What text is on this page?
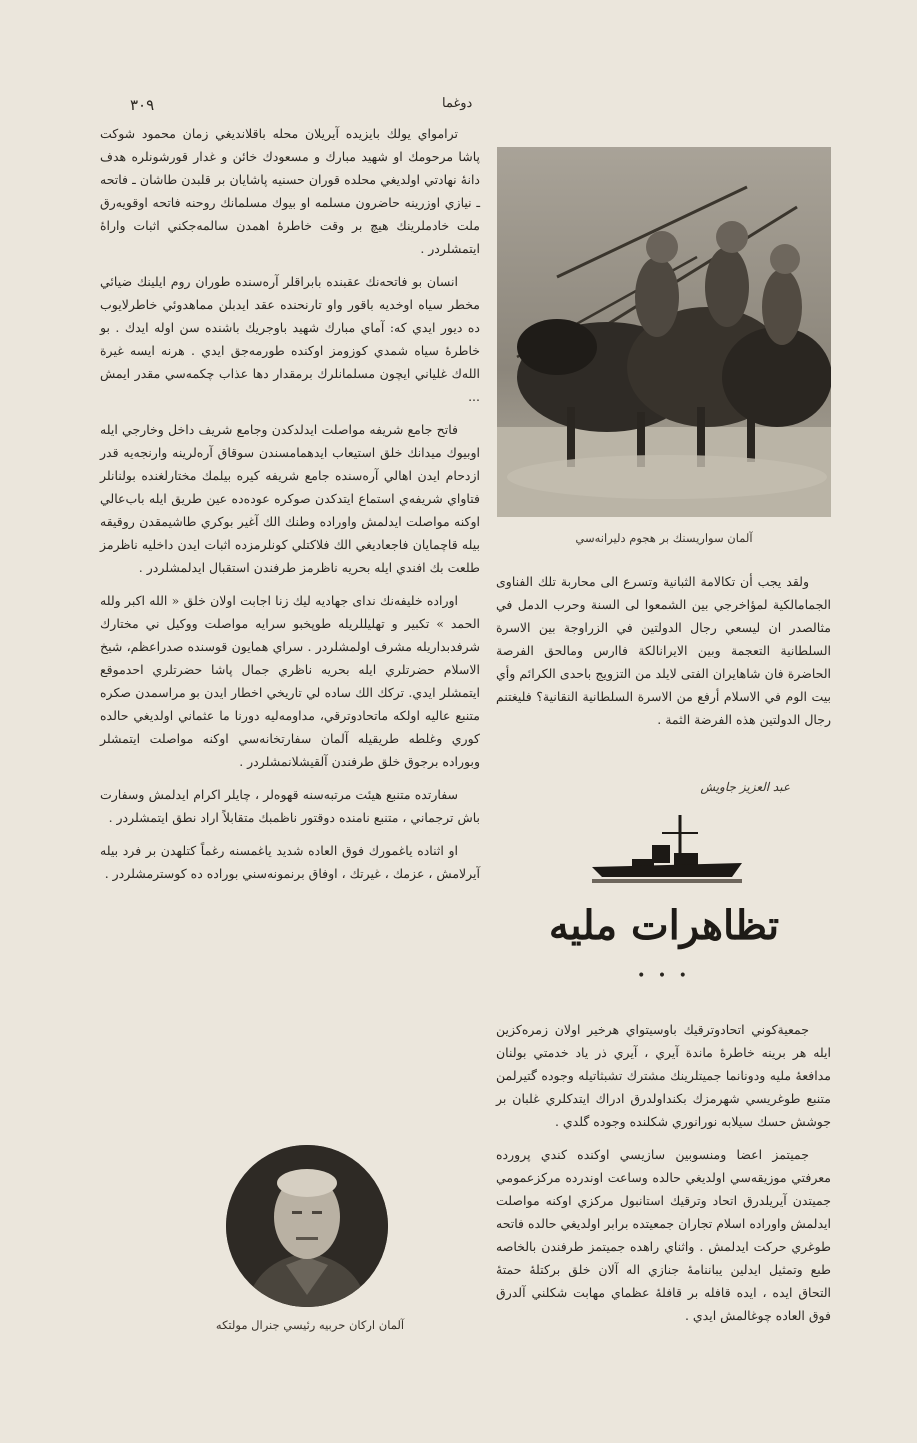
٣٠٩	دوغما

ترامواي يولك بايزيده آيريلان محله باقلانديغي زمان محمود شوكت پاشا مرحومك او شهيد مبارك و مسعودك خائن و غدار قورشونلره هدف دانۀ نهادتي اولديغي محلده قوران حسنيه پاشايان بر قلبدن طاشان ـ فاتحه ـ نيازي اوزرينه حاضرون مسلمه او بيوك مسلمانك روحنه فاتحه اوقويه‌رق ملت خادملرينك هيچ بر وقت خاطرۀ اهمدن سالمه‌جكني اثبات واراهٔ ايتمشلردر .

انسان بو فاتحه‌نك عقبنده بابراقلر آره‌سنده طوران روم ايلينك ضيائي مخطر سياه اوخديه باقور واو تارنحنده عقد ايدبلن مماهدوئي خاطرلايوب ده ديور ايدي كه: آماي مبارك شهيد باوجريك باشنده سن اوله ايدك . بو خاطرۀ سياه شمدي كوزومز اوكنده طورمه‌جق ايدي . هرنه ايسه غيرة الله‌ك غلياني ايچون مسلمانلرك برمقدار دها عذاب چكمه‌سي مقدر ايمش ...

فاتح جامع شريفه مواصلت ايدلدكدن وجامع شريف داخل وخارجي ايله اوبيوك ميدانك خلق استيعاب ايدهمامسندن سوقاق آره‌لرينه وارنجه‌يه قدر ازدحام ايدن اهالي آره‌سنده جامع شريفه كيره بيلمك مختارلغنده بولنانلر فتاواي شريفه‌ي استماع ايتدكدن صوكره عوده‌ده عين طريق ايله باب‌عالي اوكنه مواصلت ايدلمش واوراده وطنك الك آغير بوكري طاشيمقدن روقيقه بيله قاچمايان فاجعاديغي الك فلاكتلي كونلرمزده اثبات ايدن داخليه ناظرمز طلعت بك افندي ايله بحريه ناظرمز طرفندن استقبال ايدلمشلردر .

اوراده خليفه‌نك ندای جهاديه ليك زنا اجابت اولان خلق « الله اكبر ولله الحمد » تكبير و تهليللريله طوپخبو سرايه مواصلت ووكيل ني مختارك شرفدبداريله مشرف اولمشلردر . سراي همايون قوسنده صدراعظم، شيخ الاسلام حضرتلري ايله بحريه ناظري جمال پاشا حضرتلري احدموقع ايتمشلر ايدي. تركك الك ساده لي تاريخي اخطار ايدن بو مراسمدن صكره متنبع عاليه اولكه ماتحادوترقي، مداومه‌ليه دورنا ما عثماني اولديغي حالده كوري وغلطه طريقيله آلمان سفارتخانه‌سي اوكنه مواصلت ايتمشلر وبوراده برجوق خلق طرفندن آلقيشلانمشلردر .

سفارتده متنبع هيئت مرتبه‌سنه قهوه‌لر ، چايلر اكرام ايدلمش وسفارت باش ترجماني ، متنبع نامنده دوقتور ناظمبك متقابلاً اراد نطق ايتمشلردر .

او اثناده ياغمورك فوق العاده شديد ياغمسنه رغماً كتلهدن بر فرد بيله آيرلامش ، عزمك ، غيرتك ، اوفاق برنمونه‌سني بوراده ده كوسترمشلردر .

آلمان سواريسنك بر هجوم دليرانه‌سي

ولقد يجب أن تكالامة الثبانية وتسرع الى محاربة تلك الفناوى الجمامالكية لمؤاخرجي بين الشمعوا لى السنة وحرب الدمل في مثالصدر ان ليسعي رجال الدولتين في الزراوجة بين الاسرة السلطانية التعجمة وبين الايرانالكة فاارس ومالحق الفرصة الحاضرة فان شاهايران الفتى لايلد من التزويج باحدى الكرائم وأي بيت الوم في الاسلام أرفع من الاسرة السلطانية النقانية؟ فليغتنم رجال الدولتين هذه الفرضة الثمة .

عبد العزيز جاويش
تظاهرات مليه
• • •

جمعيةكوني اتحادوترقيك باوسيتواي هرخير اولان زمره‌كزين ايله هر برينه خاطرۀ ماندة آيري ، آيري ذر ياد خدمتي بولنان مدافعۀ مليه ودونانما جميتلرينك مشترك تشبثاتيله وجوده گتيرلمن متنبع طوغريسي شهرمزك بكنداولدرق ادراك ايتدكلري غلبان بر جوشش حسك سيلابه نورانوري شكلنده وجوده گلدي .

جميتمز اعضا ومنسوبين سازيسي اوكنده كندي پرورده معرفتي موزيقه‌سي اولديغي حالده وساعت اوندرده مركزعمومي جميتدن آيريلدرق اتحاد وترقيك استانبول مركزي اوكنه مواصلت ايدلمش واوراده اسلام تجاران جمعيتده برابر اولديغي حالده فاتحه طوغري حركت ايدلمش . واثناي راهده جميتمز طرفندن بالخاصه طبع وتمثيل ايدلين يباننامۀ جنازي اله آلان خلق بركتلهٔ حمتۀ التحاق ايده ، ايده قافله بر قافلهٔ عظماي مهابت شكلني آلدرق فوق العاده چوغالمش ايدي .

آلمان اركان حربيه رئيسي جنرال مولتكه
